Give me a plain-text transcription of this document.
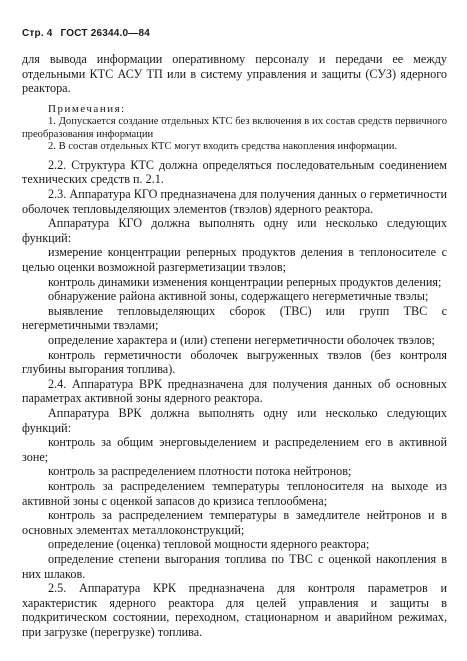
Стр. 4 ГОСТ 26344.0—84

для вывода информации оперативному персоналу и передачи ее между отдельными КТС АСУ ТП или в систему управления и защиты (СУЗ) ядерного реактора.

Примечания:

1. Допускается создание отдельных КТС без включения в их состав средств первичного преобразования информации

2. В состав отдельных КТС могут входить средства накопления информации.

2.2. Структура КТС должна определяться последовательным соединением технических средств п. 2.1.

2.3. Аппаратура КГО предназначена для получения данных о герметичности оболочек тепловыделяющих элементов (твэлов) ядерного реактора.

Аппаратура КГО должна выполнять одну или несколько следующих функций:

измерение концентрации реперных продуктов деления в теплоносителе с целью оценки возможной разгерметизации твэлов;

контроль динамики изменения концентрации реперных продуктов деления;

обнаружение района активной зоны, содержащего негерметичные твэлы;

выявление тепловыделяющих сборок (ТВС) или групп ТВС с негерметичными твэлами;

определение характера и (или) степени негерметичности оболочек твэлов;

контроль герметичности оболочек выгруженных твэлов (без контроля глубины выгорания топлива).

2.4. Аппаратура ВРК предназначена для получения данных об основных параметрах активной зоны ядерного реактора.

Аппаратура ВРК должна выполнять одну или несколько следующих функций:

контроль за общим энерговыделением и распределением его в активной зоне;

контроль за распределением плотности потока нейтронов;

контроль за распределением температуры теплоносителя на выходе из активной зоны с оценкой запасов до кризиса теплообмена;

контроль за распределением температуры в замедлителе нейтронов и в основных элементах металлоконструкций;

определение (оценка) тепловой мощности ядерного реактора;

определение степени выгорания топлива по ТВС с оценкой накопления в них шлаков.

2.5. Аппаратура КРК предназначена для контроля параметров и характеристик ядерного реактора для целей управления и защиты в подкритическом состоянии, переходном, стационарном и аварийном режимах, при загрузке (перегрузке) топлива.
